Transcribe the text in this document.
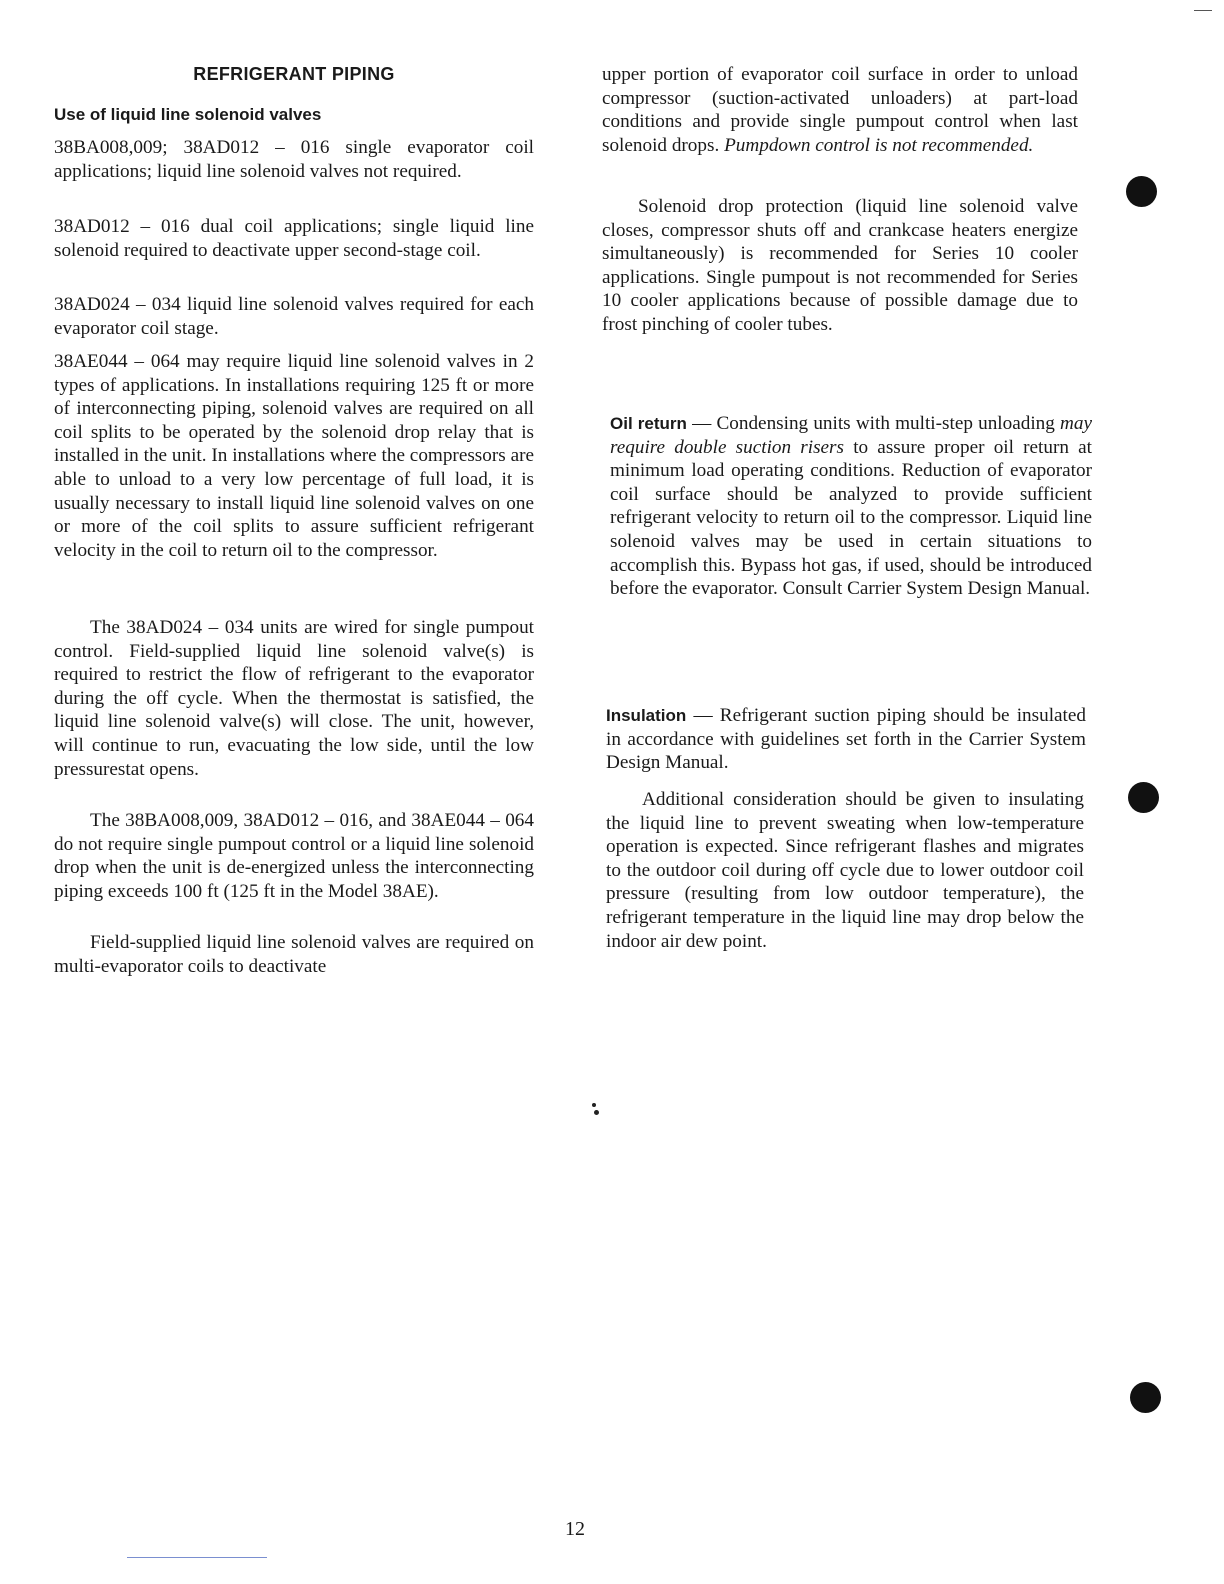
REFRIGERANT PIPING
Use of liquid line solenoid valves

38BA008,009; 38AD012 – 016 single evaporator coil applications; liquid line solenoid valves not required.

38AD012 – 016 dual coil applications; single liquid line solenoid required to deactivate upper second-stage coil.

38AD024 – 034 liquid line solenoid valves required for each evaporator coil stage.

38AE044 – 064 may require liquid line solenoid valves in 2 types of applications. In installations requiring 125 ft or more of interconnecting piping, solenoid valves are required on all coil splits to be operated by the solenoid drop relay that is installed in the unit. In installations where the compressors are able to unload to a very low percentage of full load, it is usually necessary to install liquid line solenoid valves on one or more of the coil splits to assure sufficient refrigerant velocity in the coil to return oil to the compressor.

The 38AD024 – 034 units are wired for single pumpout control. Field-supplied liquid line solenoid valve(s) is required to restrict the flow of refrigerant to the evaporator during the off cycle. When the thermostat is satisfied, the liquid line solenoid valve(s) will close. The unit, however, will continue to run, evacuating the low side, until the low pressurestat opens.

The 38BA008,009, 38AD012 – 016, and 38AE044 – 064 do not require single pumpout control or a liquid line solenoid drop when the unit is de-energized unless the interconnecting piping exceeds 100 ft (125 ft in the Model 38AE).

Field-supplied liquid line solenoid valves are required on multi-evaporator coils to deactivate

upper portion of evaporator coil surface in order to unload compressor (suction-activated unloaders) at part-load conditions and provide single pumpout control when last solenoid drops. Pumpdown control is not recommended.

Solenoid drop protection (liquid line solenoid valve closes, compressor shuts off and crankcase heaters energize simultaneously) is recommended for Series 10 cooler applications. Single pumpout is not recommended for Series 10 cooler applications because of possible damage due to frost pinching of cooler tubes.

Oil return — Condensing units with multi-step unloading may require double suction risers to assure proper oil return at minimum load operating conditions. Reduction of evaporator coil surface should be analyzed to provide sufficient refrigerant velocity to return oil to the compressor. Liquid line solenoid valves may be used in certain situations to accomplish this. Bypass hot gas, if used, should be introduced before the evaporator. Consult Carrier System Design Manual.

Insulation — Refrigerant suction piping should be insulated in accordance with guidelines set forth in the Carrier System Design Manual.

Additional consideration should be given to insulating the liquid line to prevent sweating when low-temperature operation is expected. Since refrigerant flashes and migrates to the outdoor coil during off cycle due to lower outdoor coil pressure (resulting from low outdoor temperature), the refrigerant temperature in the liquid line may drop below the indoor air dew point.

12
